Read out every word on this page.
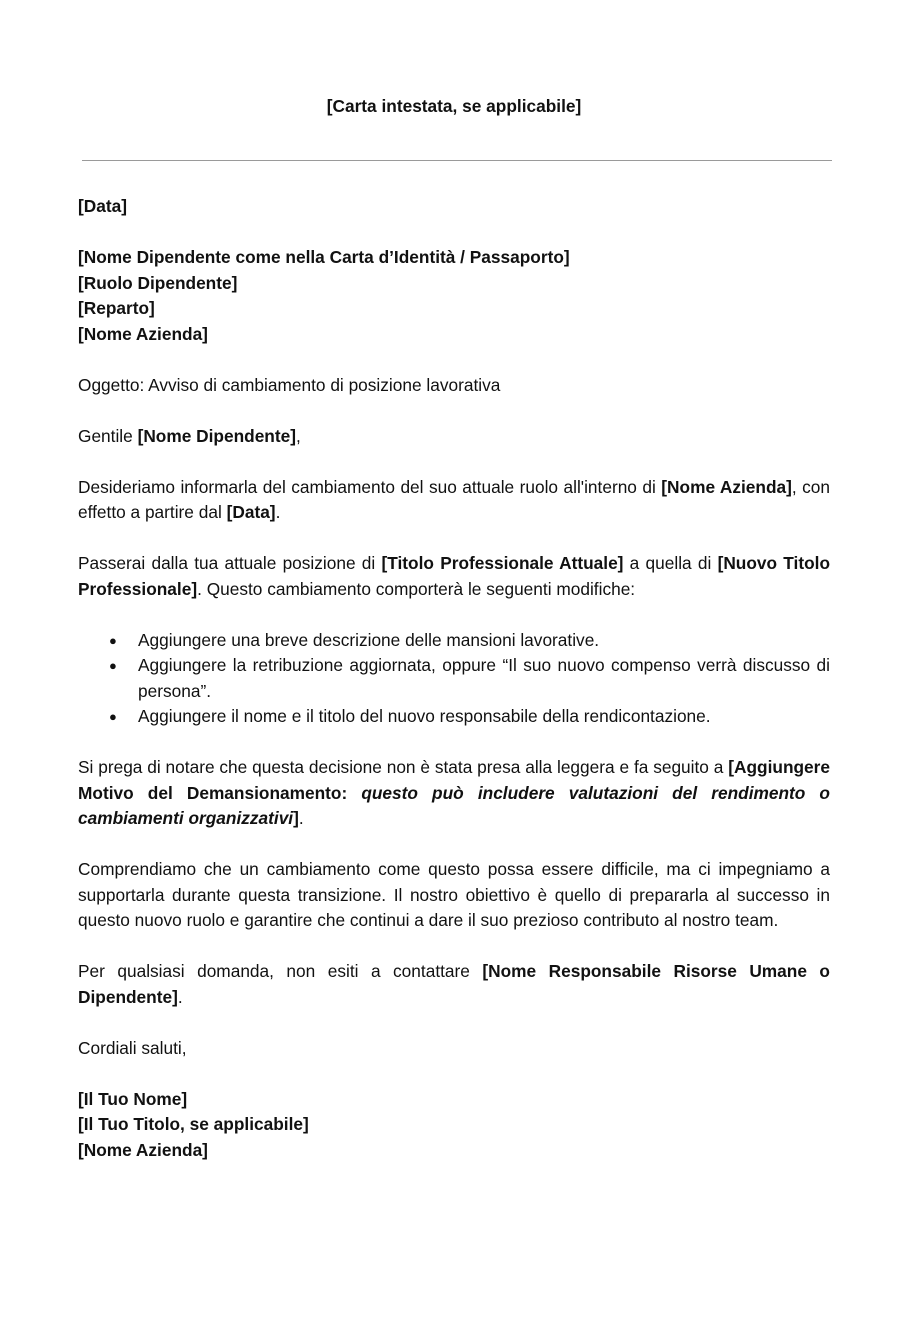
[Carta intestata, se applicabile]

[Data]

[Nome Dipendente come nella Carta d’Identità / Passaporto]
[Ruolo Dipendente]
[Reparto]
[Nome Azienda]

Oggetto: Avviso di cambiamento di posizione lavorativa

Gentile [Nome Dipendente],

Desideriamo informarla del cambiamento del suo attuale ruolo all'interno di [Nome Azienda], con effetto a partire dal [Data].

Passerai dalla tua attuale posizione di [Titolo Professionale Attuale] a quella di [Nuovo Titolo Professionale]. Questo cambiamento comporterà le seguenti modifiche:

● Aggiungere una breve descrizione delle mansioni lavorative.
● Aggiungere la retribuzione aggiornata, oppure “Il suo nuovo compenso verrà discusso di persona”.
● Aggiungere il nome e il titolo del nuovo responsabile della rendicontazione.

Si prega di notare che questa decisione non è stata presa alla leggera e fa seguito a [Aggiungere Motivo del Demansionamento: questo può includere valutazioni del rendimento o cambiamenti organizzativi].

Comprendiamo che un cambiamento come questo possa essere difficile, ma ci impegniamo a supportarla durante questa transizione. Il nostro obiettivo è quello di prepararla al successo in questo nuovo ruolo e garantire che continui a dare il suo prezioso contributo al nostro team.

Per qualsiasi domanda, non esiti a contattare [Nome Responsabile Risorse Umane o Dipendente].

Cordiali saluti,

[Il Tuo Nome]
[Il Tuo Titolo, se applicabile]
[Nome Azienda]
